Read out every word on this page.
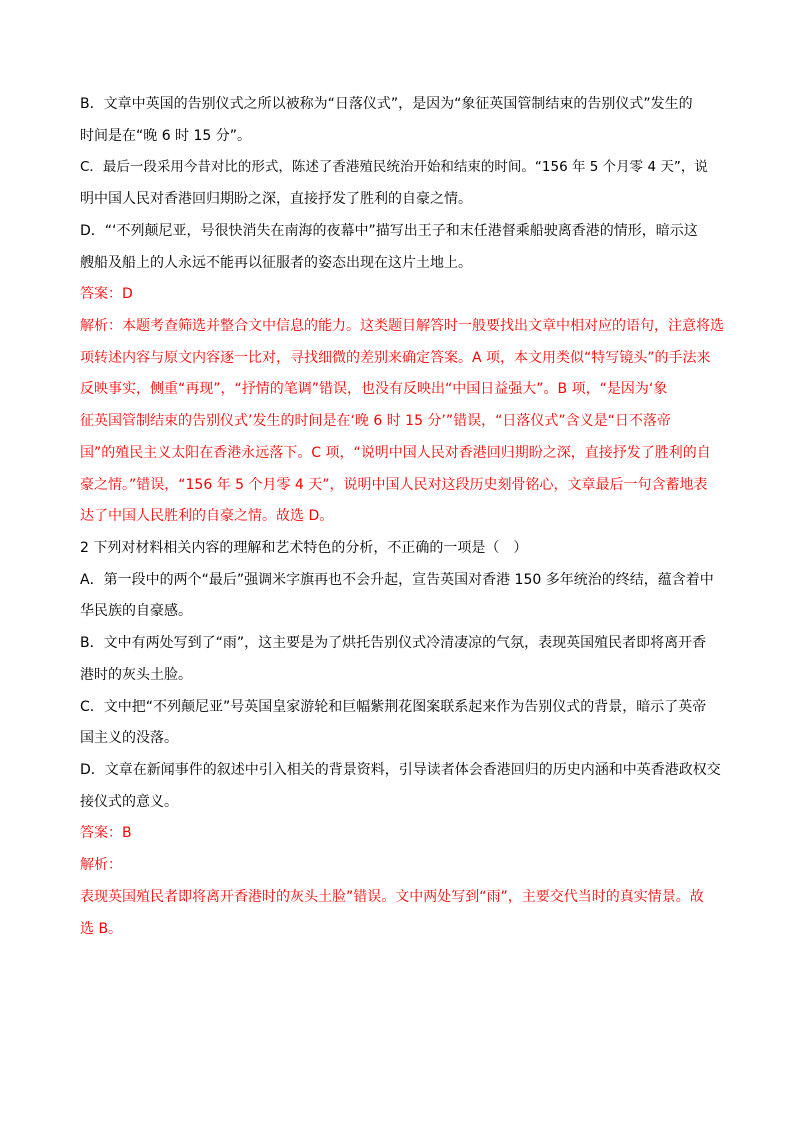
B．文章中英国的告别仪式之所以被称为“日落仪式”，是因为“象征英国管制结束的告别仪式”发生的

时间是在“晚 6 时 15 分”。

C．最后一段采用今昔对比的形式，陈述了香港殖民统治开始和结束的时间。“156 年 5 个月零 4 天”，说

明中国人民对香港回归期盼之深，直接抒发了胜利的自豪之情。

D．“‘不列颠尼亚，号很快消失在南海的夜幕中”描写出王子和末任港督乘船驶离香港的情形，暗示这

艘船及船上的人永远不能再以征服者的姿态出现在这片土地上。

答案：D

解析：本题考查筛选并整合文中信息的能力。这类题目解答时一般要找出文章中相对应的语句，注意将选

项转述内容与原文内容逐一比对，寻找细微的差别来确定答案。A 项，本文用类似“特写镜头”的手法来

反映事实，侧重“再现”，“抒情的笔调”错误，也没有反映出“中国日益强大”。B 项，“是因为‘象

征英国管制结束的告别仪式’发生的时间是在‘晚 6 时 15 分’”错误，“日落仪式”含义是“日不落帝

国”的殖民主义太阳在香港永远落下。C 项，“说明中国人民对香港回归期盼之深，直接抒发了胜利的自

豪之情。”错误，“156 年 5 个月零 4 天”，说明中国人民对这段历史刻骨铭心，文章最后一句含蓄地表

达了中国人民胜利的自豪之情。故选 D。

2 下列对材料相关内容的理解和艺术特色的分析，不正确的一项是（　）

A．第一段中的两个“最后”强调米字旗再也不会升起，宣告英国对香港 150 多年统治的终结，蕴含着中

华民族的自豪感。

B．文中有两处写到了“雨”，这主要是为了烘托告别仪式冷清凄凉的气氛，表现英国殖民者即将离开香

港时的灰头土脸。

C．文中把“不列颠尼亚”号英国皇家游轮和巨幅紫荆花图案联系起来作为告别仪式的背景，暗示了英帝

国主义的没落。

D．文章在新闻事件的叙述中引入相关的背景资料，引导读者体会香港回归的历史内涵和中英香港政权交

接仪式的意义。

答案：B

解析：

表现英国殖民者即将离开香港时的灰头土脸”错误。文中两处写到“雨”，主要交代当时的真实情景。故

选 B。
